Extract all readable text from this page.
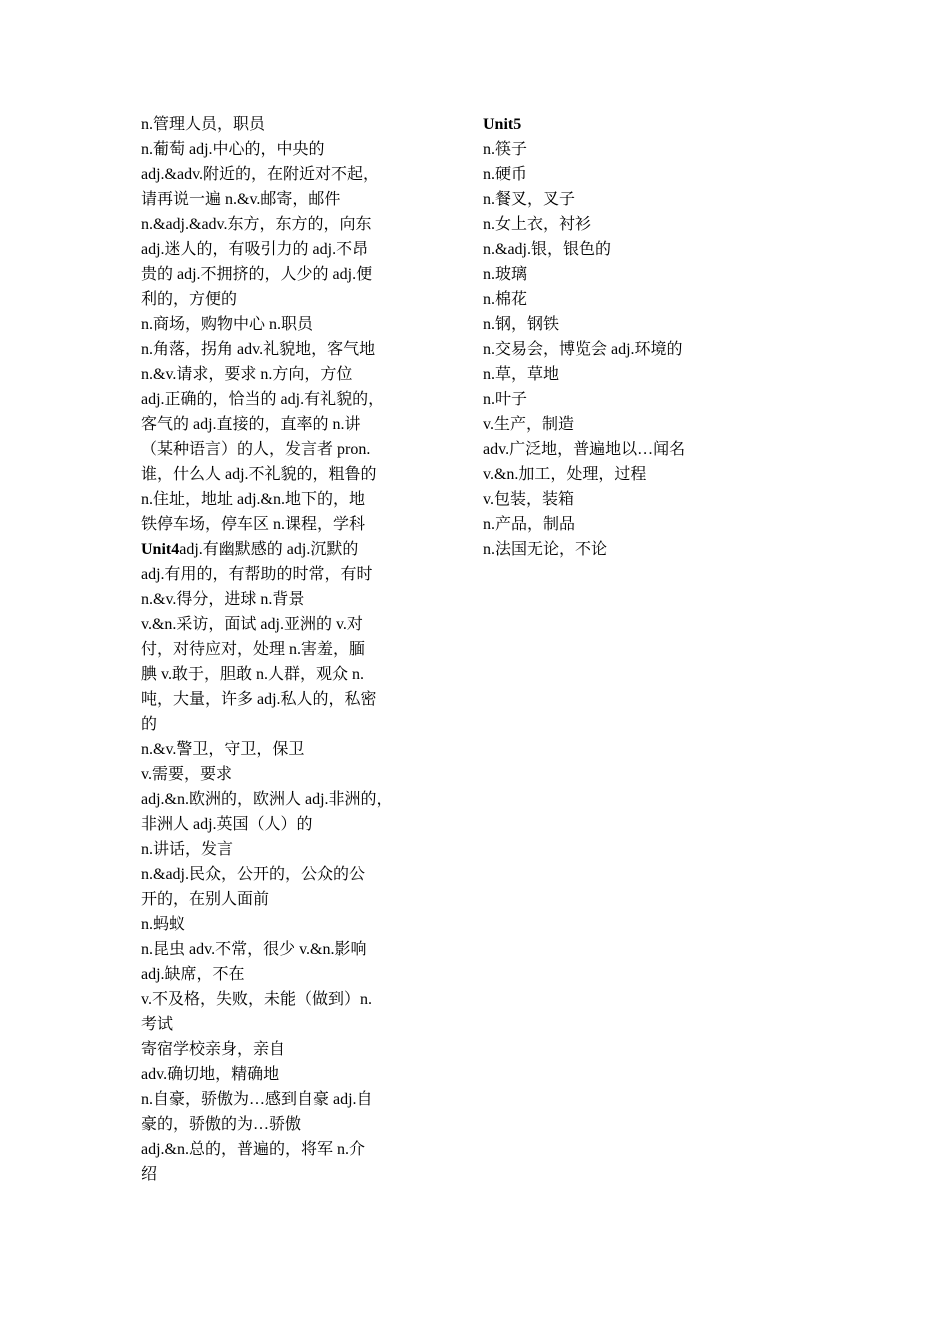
n.管理人员，职员
n.葡萄 adj.中心的，中央的
adj.&adv.附近的，在附近对不起，
请再说一遍 n.&v.邮寄，邮件
n.&adj.&adv.东方，东方的，向东
adj.迷人的，有吸引力的 adj.不昂
贵的 adj.不拥挤的，人少的 adj.便
利的，方便的
n.商场，购物中心 n.职员
n.角落，拐角 adv.礼貌地，客气地
n.&v.请求，要求 n.方向，方位
adj.正确的，恰当的 adj.有礼貌的，
客气的 adj.直接的，直率的 n.讲
（某种语言）的人，发言者 pron.
谁，什么人 adj.不礼貌的，粗鲁的
n.住址，地址 adj.&n.地下的，地
铁停车场，停车区 n.课程，学科
Unit4adj.有幽默感的 adj.沉默的
adj.有用的，有帮助的时常，有时
n.&v.得分，进球 n.背景
v.&n.采访，面试 adj.亚洲的 v.对
付，对待应对，处理 n.害羞，腼
腆 v.敢于，胆敢 n.人群，观众 n.
吨，大量，许多 adj.私人的，私密
的
n.&v.警卫，守卫，保卫
v.需要，要求
adj.&n.欧洲的，欧洲人 adj.非洲的，
非洲人 adj.英国（人）的
n.讲话，发言
n.&adj.民众，公开的，公众的公
开的，在别人面前
n.蚂蚁
n.昆虫 adv.不常，很少 v.&n.影响
adj.缺席，不在
v.不及格，失败，未能（做到）n.
考试
寄宿学校亲身，亲自
adv.确切地，精确地
n.自豪，骄傲为…感到自豪 adj.自
豪的，骄傲的为…骄傲
adj.&n.总的，普遍的，将军 n.介
绍
Unit5
n.筷子
n.硬币
n.餐叉，叉子
n.女上衣，衬衫
n.&adj.银，银色的
n.玻璃
n.棉花
n.钢，钢铁
n.交易会，博览会 adj.环境的
n.草，草地
n.叶子
v.生产，制造
adv.广泛地，普遍地以…闻名
v.&n.加工，处理，过程
v.包装，装箱
n.产品，制品
n.法国无论，不论
